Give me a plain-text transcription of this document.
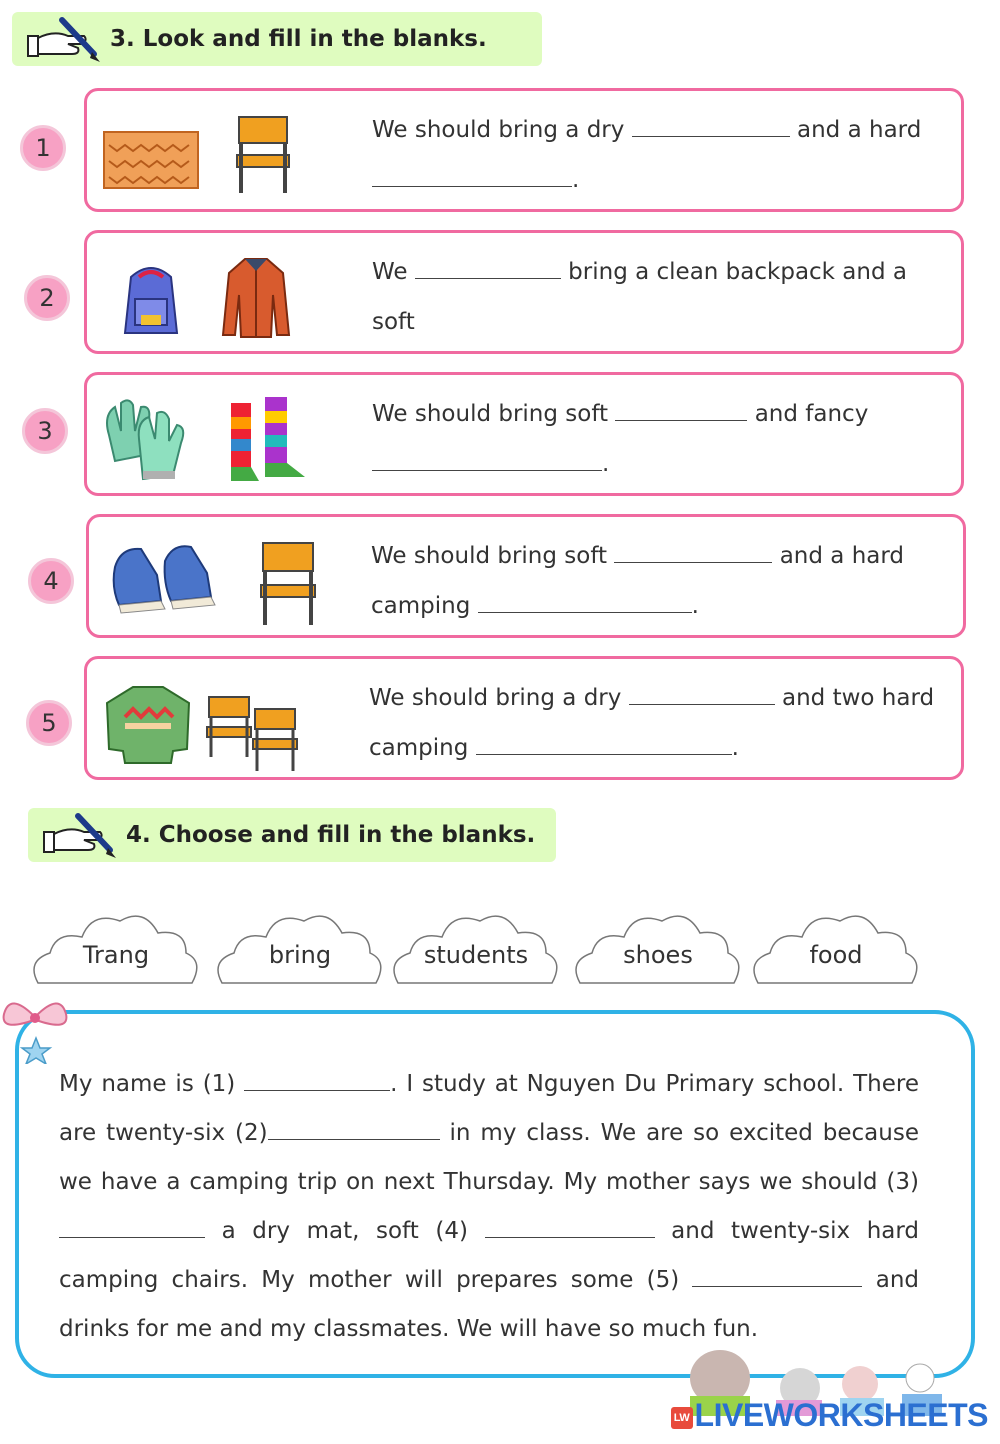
3. Look and fill in the blanks.
1
We should bring a dry	and a hard
.
2
We	bring a clean backpack and a soft

3
We should bring soft	and fancy
.
4
We should bring soft	and a hard camping	.
5
We should bring a dry	and two hard camping	.
4. Choose and fill in the blanks.
Trang	bring	students	shoes	food
My name is (1)	. I study at Nguyen Du Primary school. There are twenty-six (2)	in my class. We are so excited because we have a camping trip on next Thursday. My mother says we should (3)  a dry mat, soft (4)	and twenty-six hard camping chairs. My mother will prepares some (5)	and drinks for me and my classmates. We will have so much fun.
LW LIVEWORKSHEETS
